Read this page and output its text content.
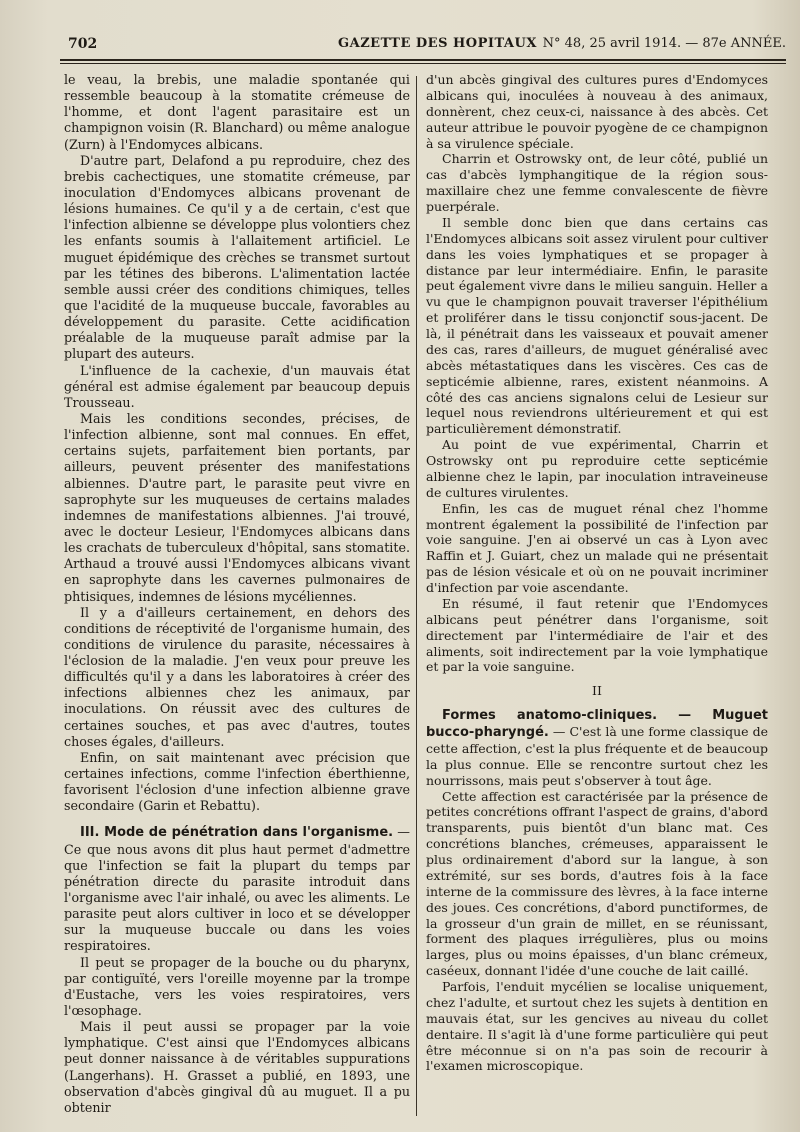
702	GAZETTE DES HOPITAUX N° 48, 25 avril 1914. — 87e ANNÉE.

le veau, la brebis, une maladie spontanée qui ressemble beaucoup à la stomatite crémeuse de l'homme, et dont l'agent parasitaire est un champignon voisin (R. Blanchard) ou même analogue (Zurn) à l'Endomyces albicans.

D'autre part, Delafond a pu reproduire, chez des brebis cachectiques, une stomatite crémeuse, par inoculation d'Endomyces albicans provenant de lésions humaines. Ce qu'il y a de certain, c'est que l'infection albienne se développe plus volontiers chez les enfants soumis à l'allaitement artificiel. Le muguet épidémique des crèches se transmet surtout par les tétines des biberons. L'alimentation lactée semble aussi créer des conditions chimiques, telles que l'acidité de la muqueuse buccale, favorables au développement du parasite. Cette acidification préalable de la muqueuse paraît admise par la plupart des auteurs.

L'influence de la cachexie, d'un mauvais état général est admise également par beaucoup depuis Trousseau.

Mais les conditions secondes, précises, de l'infection albienne, sont mal connues. En effet, certains sujets, parfaitement bien portants, par ailleurs, peuvent présenter des manifestations albiennes. D'autre part, le parasite peut vivre en saprophyte sur les muqueuses de certains malades indemnes de manifestations albiennes. J'ai trouvé, avec le docteur Lesieur, l'Endomyces albicans dans les crachats de tuberculeux d'hôpital, sans stomatite. Arthaud a trouvé aussi l'Endomyces albicans vivant en saprophyte dans les cavernes pulmonaires de phtisiques, indemnes de lésions mycéliennes.

Il y a d'ailleurs certainement, en dehors des conditions de réceptivité de l'organisme humain, des conditions de virulence du parasite, nécessaires à l'éclosion de la maladie. J'en veux pour preuve les difficultés qu'il y a dans les laboratoires à créer des infections albiennes chez les animaux, par inoculations. On réussit avec des cultures de certaines souches, et pas avec d'autres, toutes choses égales, d'ailleurs.

Enfin, on sait maintenant avec précision que certaines infections, comme l'infection éberthienne, favorisent l'éclosion d'une infection albienne grave secondaire (Garin et Rebattu).

III. Mode de pénétration dans l'organisme. — Ce que nous avons dit plus haut permet d'admettre que l'infection se fait la plupart du temps par pénétration directe du parasite introduit dans l'organisme avec l'air inhalé, ou avec les aliments. Le parasite peut alors cultiver in loco et se développer sur la muqueuse buccale ou dans les voies respiratoires.

Il peut se propager de la bouche ou du pharynx, par contiguïté, vers l'oreille moyenne par la trompe d'Eustache, vers les voies respiratoires, vers l'œsophage.

Mais il peut aussi se propager par la voie lymphatique. C'est ainsi que l'Endomyces albicans peut donner naissance à de véritables suppurations (Langerhans). H. Grasset a publié, en 1893, une observation d'abcès gingival dû au muguet. Il a pu obtenir

d'un abcès gingival des cultures pures d'Endomyces albicans qui, inoculées à nouveau à des animaux, donnèrent, chez ceux-ci, naissance à des abcès. Cet auteur attribue le pouvoir pyogène de ce champignon à sa virulence spéciale.

Charrin et Ostrowsky ont, de leur côté, publié un cas d'abcès lymphangitique de la région sous-maxillaire chez une femme convalescente de fièvre puerpérale.

Il semble donc bien que dans certains cas l'Endomyces albicans soit assez virulent pour cultiver dans les voies lymphatiques et se propager à distance par leur intermédiaire. Enfin, le parasite peut également vivre dans le milieu sanguin. Heller a vu que le champignon pouvait traverser l'épithélium et proliférer dans le tissu conjonctif sous-jacent. De là, il pénétrait dans les vaisseaux et pouvait amener des cas, rares d'ailleurs, de muguet généralisé avec abcès métastatiques dans les viscères. Ces cas de septicémie albienne, rares, existent néanmoins. A côté des cas anciens signalons celui de Lesieur sur lequel nous reviendrons ultérieurement et qui est particulièrement démonstratif.

Au point de vue expérimental, Charrin et Ostrowsky ont pu reproduire cette septicémie albienne chez le lapin, par inoculation intraveineuse de cultures virulentes.

Enfin, les cas de muguet rénal chez l'homme montrent également la possibilité de l'infection par voie sanguine. J'en ai observé un cas à Lyon avec Raffin et J. Guiart, chez un malade qui ne présentait pas de lésion vésicale et où on ne pouvait incriminer d'infection par voie ascendante.

En résumé, il faut retenir que l'Endomyces albicans peut pénétrer dans l'organisme, soit directement par l'intermédiaire de l'air et des aliments, soit indirectement par la voie lymphatique et par la voie sanguine.

II

Formes anatomo-cliniques. — Muguet bucco-pharyngé. — C'est là une forme classique de cette affection, c'est la plus fréquente et de beaucoup la plus connue. Elle se rencontre surtout chez les nourrissons, mais peut s'observer à tout âge.

Cette affection est caractérisée par la présence de petites concrétions offrant l'aspect de grains, d'abord transparents, puis bientôt d'un blanc mat. Ces concrétions blanches, crémeuses, apparaissent le plus ordinairement d'abord sur la langue, à son extrémité, sur ses bords, d'autres fois à la face interne de la commissure des lèvres, à la face interne des joues. Ces concrétions, d'abord punctiformes, de la grosseur d'un grain de millet, en se réunissant, forment des plaques irrégulières, plus ou moins larges, plus ou moins épaisses, d'un blanc crémeux, caséeux, donnant l'idée d'une couche de lait caillé.

Parfois, l'enduit mycélien se localise uniquement, chez l'adulte, et surtout chez les sujets à dentition en mauvais état, sur les gencives au niveau du collet dentaire. Il s'agit là d'une forme particulière qui peut être méconnue si on n'a pas soin de recourir à l'examen microscopique.
